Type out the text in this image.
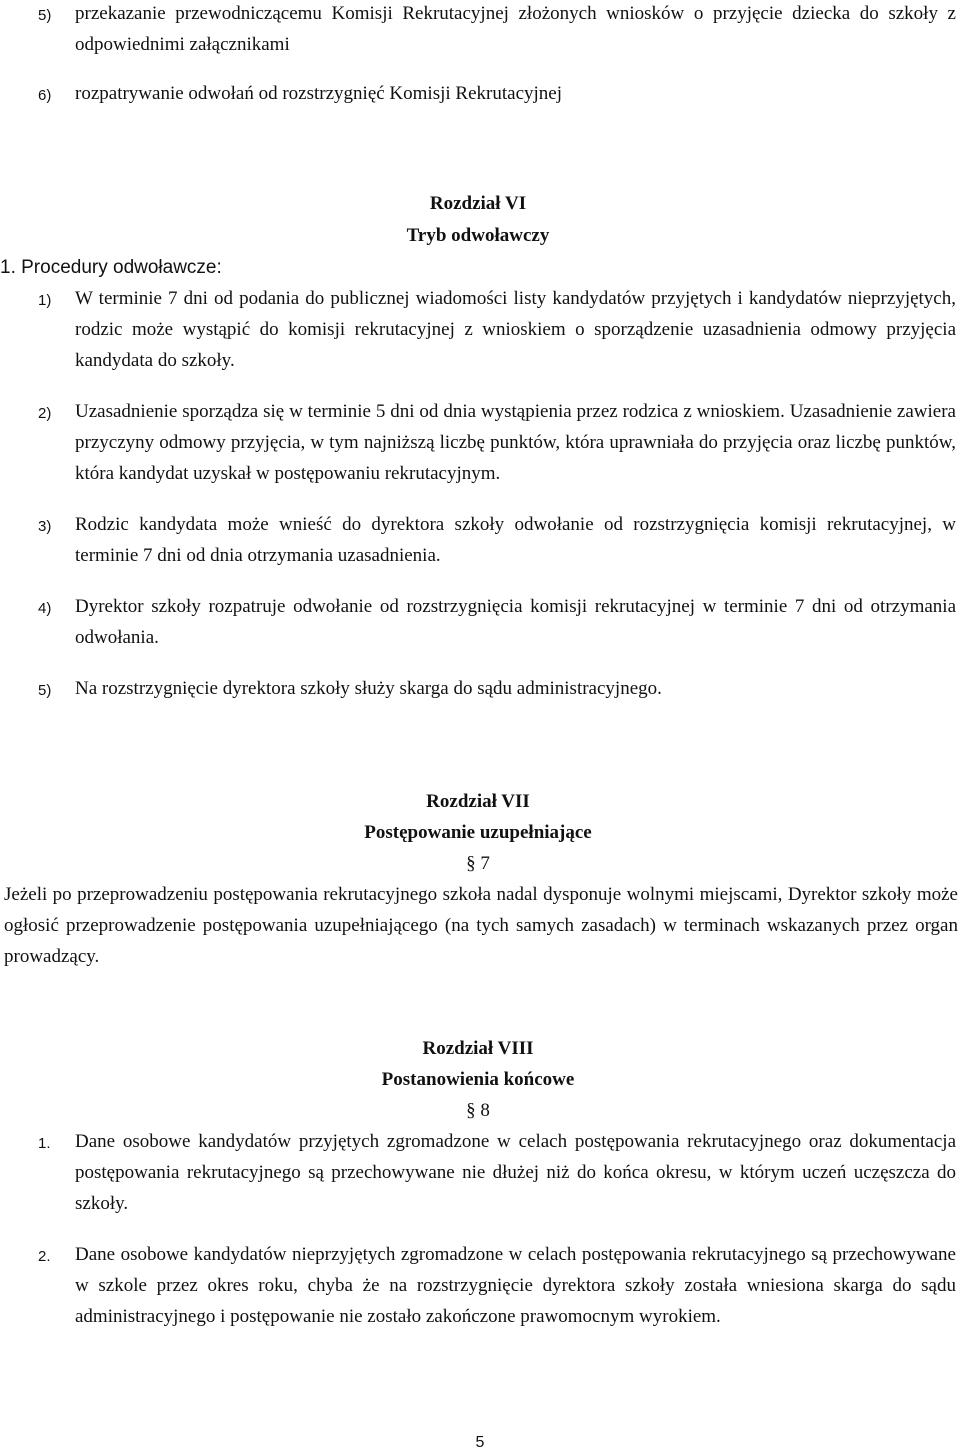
5) przekazanie przewodniczącemu Komisji Rekrutacyjnej złożonych wniosków o przyjęcie dziecka do szkoły z odpowiednimi załącznikami
6) rozpatrywanie odwołań od rozstrzygnięć Komisji Rekrutacyjnej
Rozdział VI
Tryb odwoławczy
1. Procedury odwoławcze:
1) W terminie 7 dni od podania do publicznej wiadomości listy kandydatów przyjętych i kandydatów nieprzyjętych, rodzic może wystąpić do komisji rekrutacyjnej z wnioskiem o sporządzenie uzasadnienia odmowy przyjęcia kandydata do szkoły.
2) Uzasadnienie sporządza się w terminie 5 dni od dnia wystąpienia przez rodzica z wnioskiem. Uzasadnienie zawiera przyczyny odmowy przyjęcia, w tym najniższą liczbę punktów, która uprawniała do przyjęcia oraz liczbę punktów, która kandydat uzyskał w postępowaniu rekrutacyjnym.
3) Rodzic kandydata może wnieść do dyrektora szkoły odwołanie od rozstrzygnięcia komisji rekrutacyjnej, w terminie 7 dni od dnia otrzymania uzasadnienia.
4) Dyrektor szkoły rozpatruje odwołanie od rozstrzygnięcia komisji rekrutacyjnej w terminie 7 dni od otrzymania odwołania.
5) Na rozstrzygnięcie dyrektora szkoły służy skarga do sądu administracyjnego.
Rozdział VII
Postępowanie uzupełniające
§ 7
Jeżeli po przeprowadzeniu postępowania rekrutacyjnego szkoła nadal dysponuje wolnymi miejscami, Dyrektor szkoły może ogłosić przeprowadzenie postępowania uzupełniającego (na tych samych zasadach) w terminach wskazanych przez organ prowadzący.
Rozdział VIII
Postanowienia końcowe
§ 8
1. Dane osobowe kandydatów przyjętych zgromadzone w celach postępowania rekrutacyjnego oraz dokumentacja postępowania rekrutacyjnego są przechowywane nie dłużej niż do końca okresu, w którym uczeń uczęszcza do szkoły.
2. Dane osobowe kandydatów nieprzyjętych zgromadzone w celach postępowania rekrutacyjnego są przechowywane w szkole przez okres roku, chyba że na rozstrzygnięcie dyrektora szkoły została wniesiona skarga do sądu administracyjnego i postępowanie nie zostało zakończone prawomocnym wyrokiem.
5
